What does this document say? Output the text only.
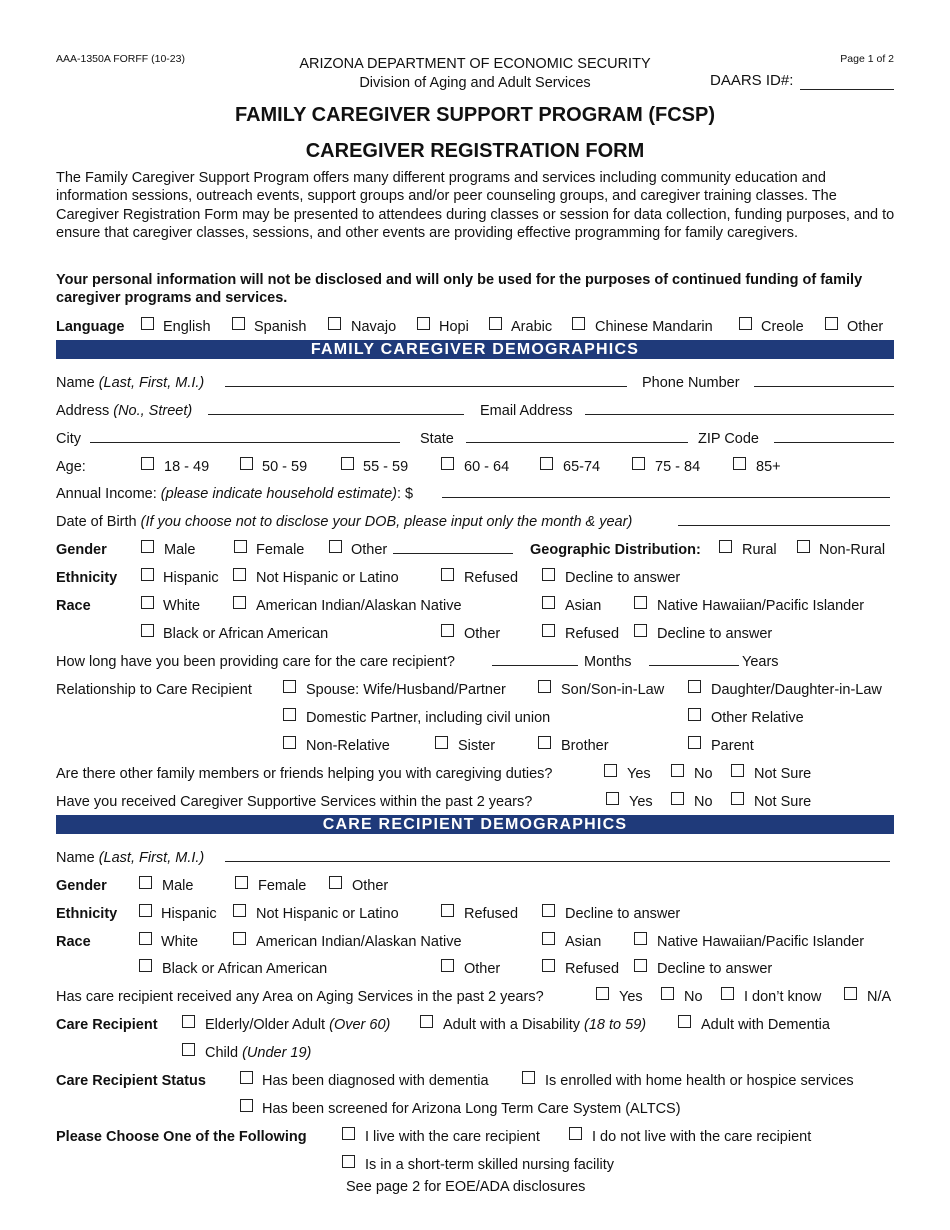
AAA-1350A FORFF (10-23)	ARIZONA DEPARTMENT OF ECONOMIC SECURITY
Division of Aging and Adult Services
Page 1 of 2
DAARS ID#:
FAMILY CAREGIVER SUPPORT PROGRAM (FCSP)
CAREGIVER REGISTRATION FORM
The Family Caregiver Support Program offers many different programs and services including community education and information sessions, outreach events, support groups and/or peer counseling groups, and caregiver training classes. The Caregiver Registration Form may be presented to attendees during classes or session for data collection, funding purposes, and to ensure that caregiver classes, sessions, and other events are providing effective programming for family caregivers.
Your personal information will not be disclosed and will only be used for the purposes of continued funding of family caregiver programs and services.
Language	English	Spanish	Navajo	Hopi	Arabic	Chinese Mandarin	Creole	Other
FAMILY CAREGIVER DEMOGRAPHICS
Name (Last, First, M.I.)	Phone Number
Address (No., Street)	Email Address
City	State	ZIP Code
Age:	18 - 49	50 - 59	55 - 59	60 - 64	65-74	75 - 84	85+
Annual Income: (please indicate household estimate): $
Date of Birth (If you choose not to disclose your DOB, please input only the month & year)
Gender	Male	Female	Other	Geographic Distribution:	Rural	Non-Rural
Ethnicity	Hispanic	Not Hispanic or Latino	Refused	Decline to answer
Race	White	American Indian/Alaskan Native	Asian	Native Hawaiian/Pacific Islander
Black or African American	Other	Refused	Decline to answer
How long have you been providing care for the care recipient?	Months	Years
Relationship to Care Recipient	Spouse: Wife/Husband/Partner	Son/Son-in-Law	Daughter/Daughter-in-Law
Domestic Partner, including civil union	Other Relative
Non-Relative	Sister	Brother	Parent
Are there other family members or friends helping you with caregiving duties?	Yes	No	Not Sure
Have you received Caregiver Supportive Services within the past 2 years?	Yes	No	Not Sure
CARE RECIPIENT DEMOGRAPHICS
Name (Last, First, M.I.)
Gender	Male	Female	Other
Ethnicity	Hispanic	Not Hispanic or Latino	Refused	Decline to answer
Race	White	American Indian/Alaskan Native	Asian	Native Hawaiian/Pacific Islander
Black or African American	Other	Refused	Decline to answer
Has care recipient received any Area on Aging Services in the past 2 years?	Yes	No	I don’t know	N/A
Care Recipient	Elderly/Older Adult (Over 60)	Adult with a Disability (18 to 59)	Adult with Dementia
Child (Under 19)
Care Recipient Status	Has been diagnosed with dementia	Is enrolled with home health or hospice services
Has been screened for Arizona Long Term Care System (ALTCS)
Please Choose One of the Following	I live with the care recipient	I do not live with the care recipient
Is in a short-term skilled nursing facility
See page 2 for EOE/ADA disclosures
